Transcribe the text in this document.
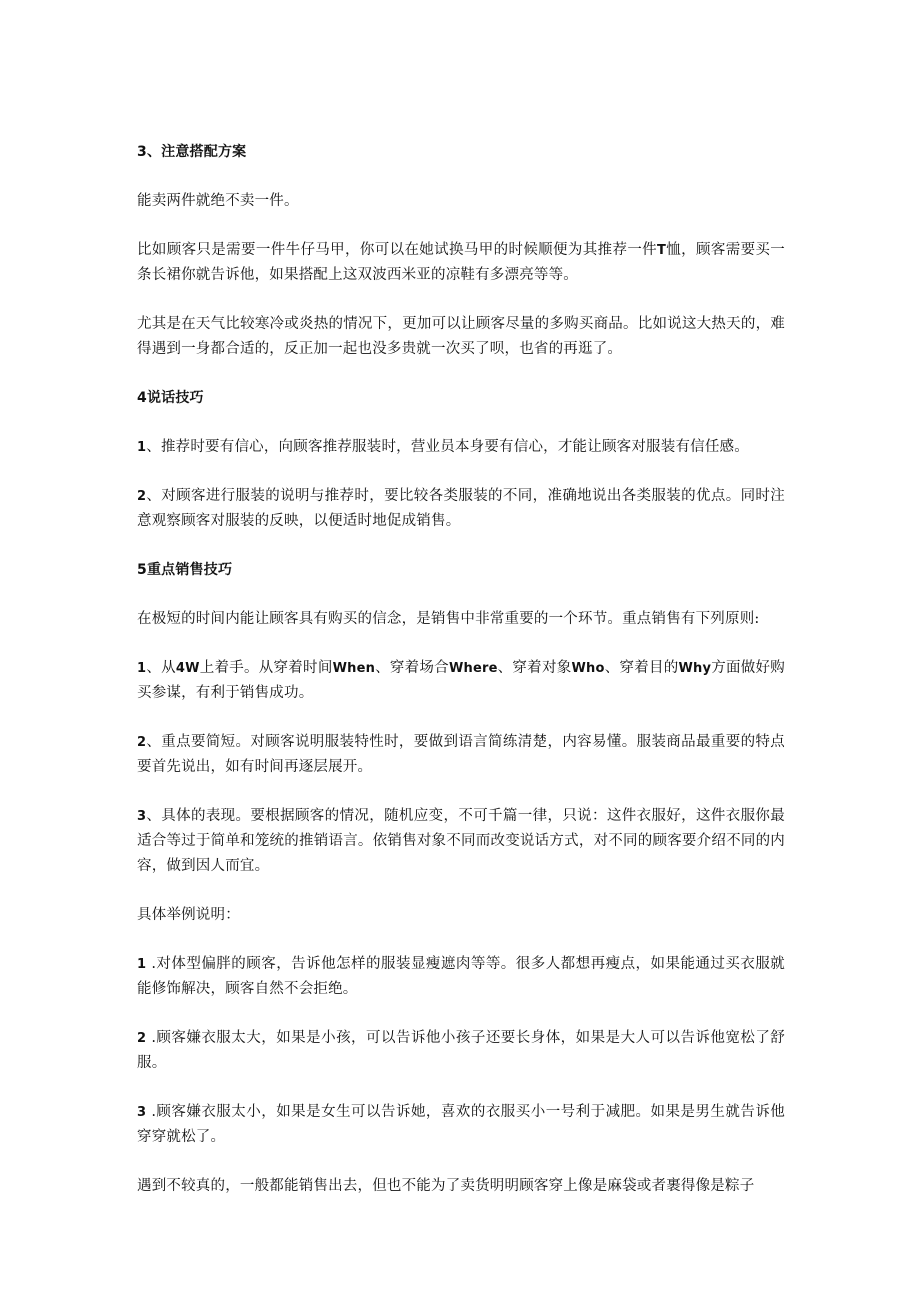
3、注意搭配方案
能卖两件就绝不卖一件。
比如顾客只是需要一件牛仔马甲，你可以在她试换马甲的时候顺便为其推荐一件T恤，顾客需要买一条长裙你就告诉他，如果搭配上这双波西米亚的凉鞋有多漂亮等等。
尤其是在天气比较寒冷或炎热的情况下，更加可以让顾客尽量的多购买商品。比如说这大热天的，难得遇到一身都合适的，反正加一起也没多贵就一次买了呗，也省的再逛了。
4说话技巧
1、推荐时要有信心，向顾客推荐服装时，营业员本身要有信心，才能让顾客对服装有信任感。
2、对顾客进行服装的说明与推荐时，要比较各类服装的不同，准确地说出各类服装的优点。同时注意观察顾客对服装的反映，以便适时地促成销售。
5重点销售技巧
在极短的时间内能让顾客具有购买的信念，是销售中非常重要的一个环节。重点销售有下列原则:
1、从4W上着手。从穿着时间When、穿着场合Where、穿着对象Who、穿着目的Why方面做好购买参谋，有利于销售成功。
2、重点要简短。对顾客说明服装特性时，要做到语言简练清楚，内容易懂。服装商品最重要的特点要首先说出，如有时间再逐层展开。
3、具体的表现。要根据顾客的情况，随机应变，不可千篇一律，只说：这件衣服好，这件衣服你最适合等过于简单和笼统的推销语言。依销售对象不同而改变说话方式，对不同的顾客要介绍不同的内容，做到因人而宜。
具体举例说明：
1 .对体型偏胖的顾客，告诉他怎样的服装显瘦遮肉等等。很多人都想再瘦点，如果能通过买衣服就能修饰解决，顾客自然不会拒绝。
2 .顾客嫌衣服太大，如果是小孩，可以告诉他小孩子还要长身体，如果是大人可以告诉他宽松了舒服。
3 .顾客嫌衣服太小，如果是女生可以告诉她，喜欢的衣服买小一号利于减肥。如果是男生就告诉他穿穿就松了。
遇到不较真的，一般都能销售出去，但也不能为了卖货明明顾客穿上像是麻袋或者裹得像是粽子
